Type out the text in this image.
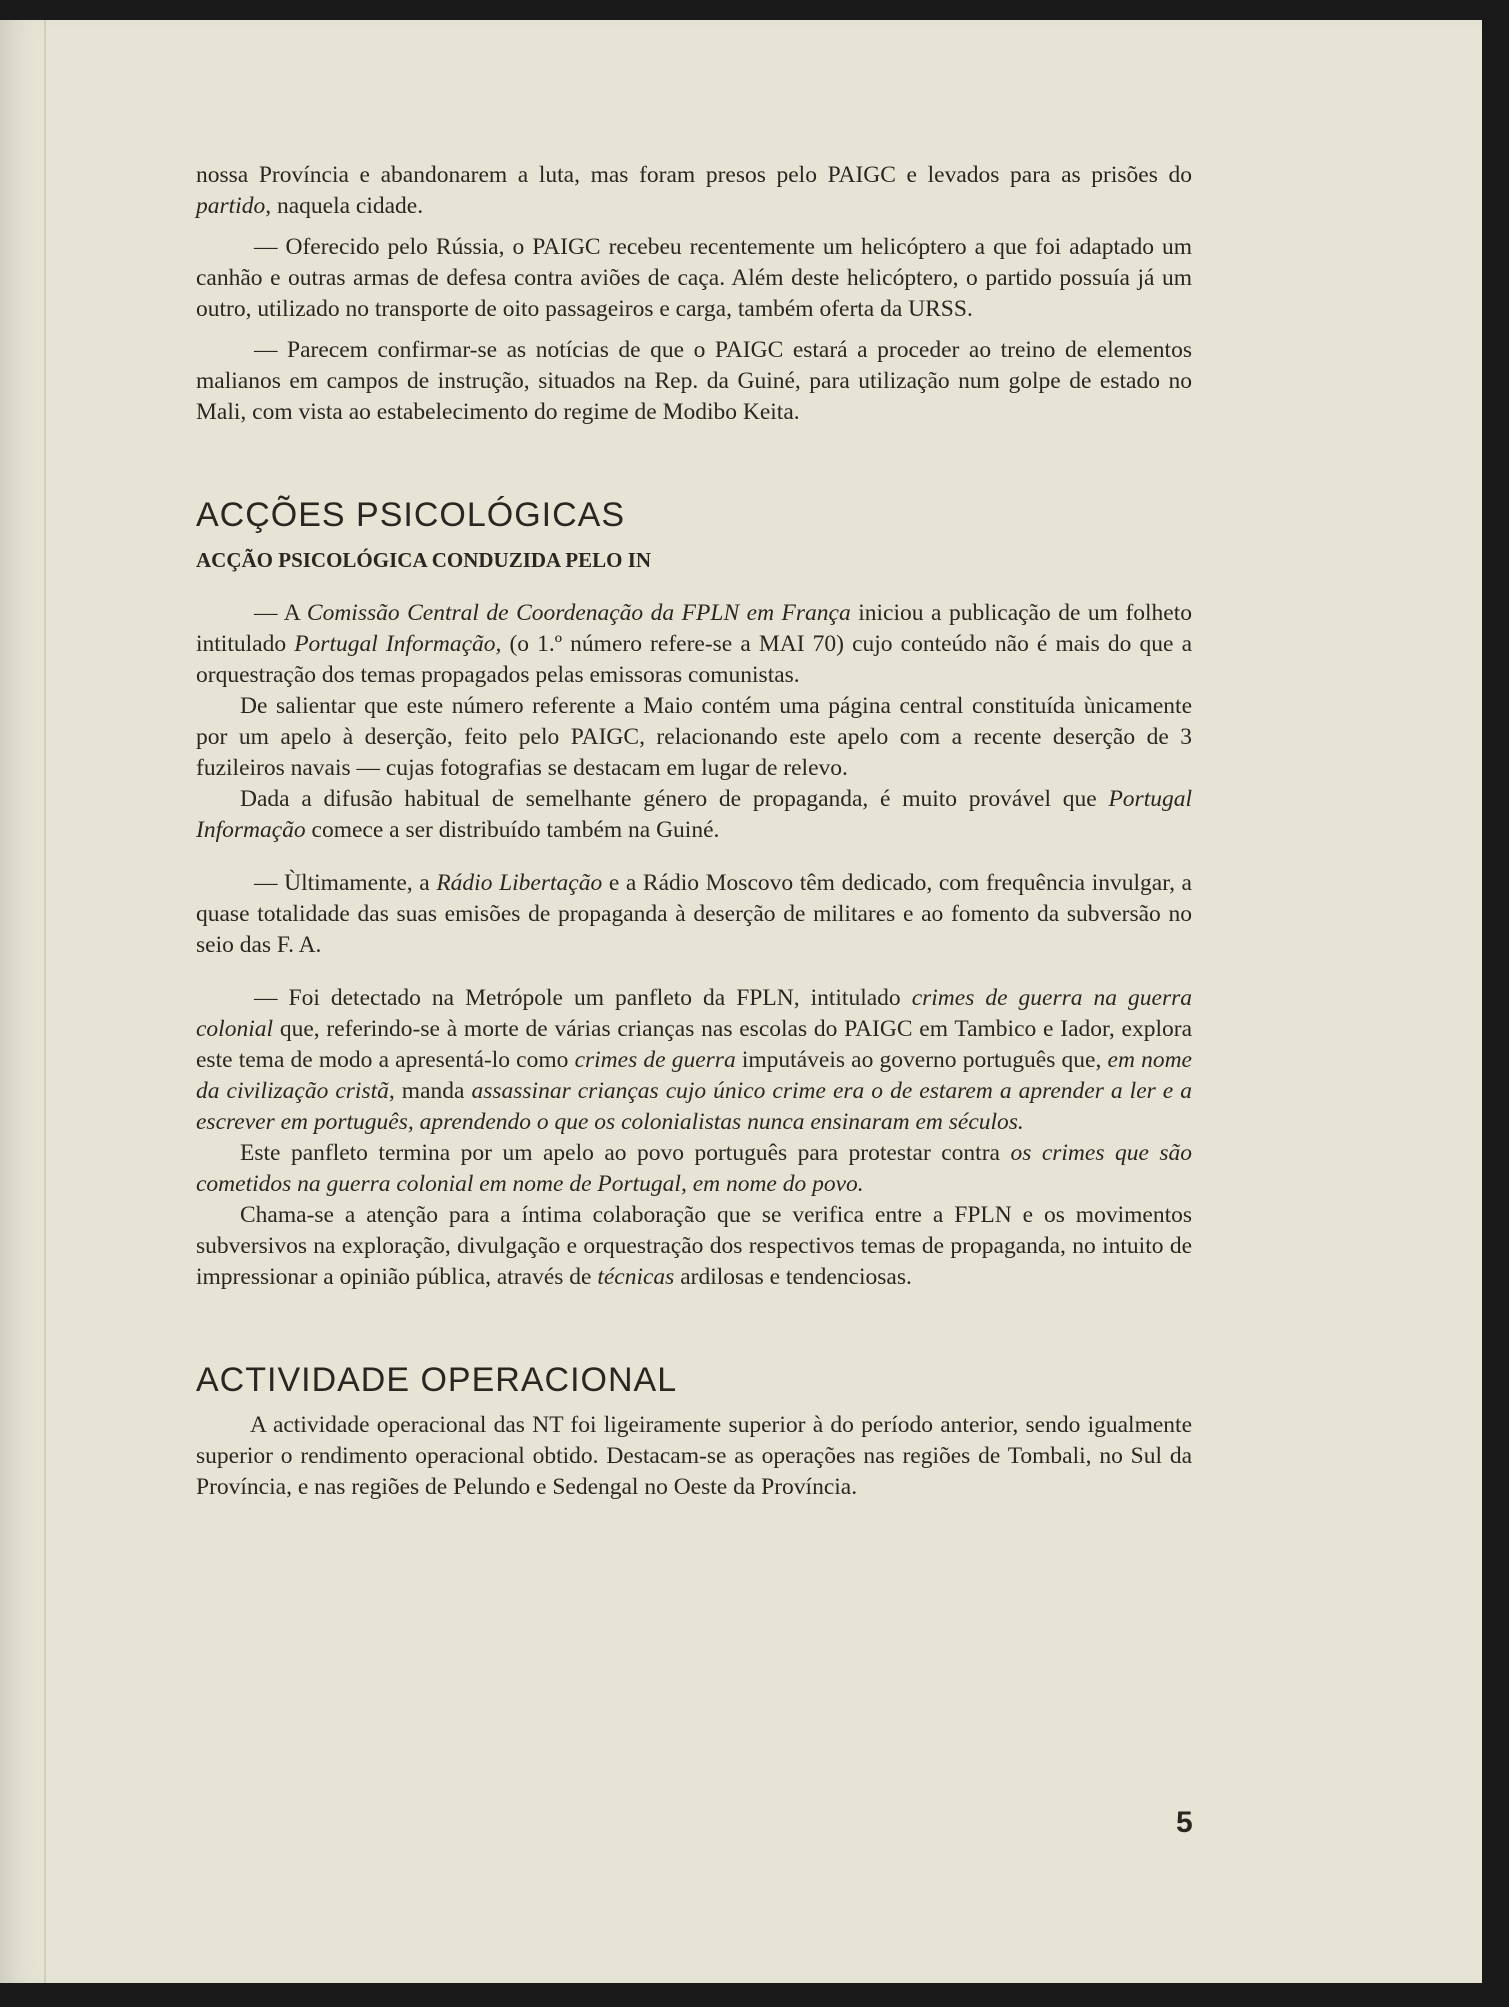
nossa Província e abandonarem a luta, mas foram presos pelo PAIGC e levados para as prisões do partido, naquela cidade.

— Oferecido pelo Rússia, o PAIGC recebeu recentemente um helicóptero a que foi adaptado um canhão e outras armas de defesa contra aviões de caça. Além deste helicóptero, o partido possuía já um outro, utilizado no transporte de oito passageiros e carga, também oferta da URSS.

— Parecem confirmar-se as notícias de que o PAIGC estará a proceder ao treino de elementos malianos em campos de instrução, situados na Rep. da Guiné, para utilização num golpe de estado no Mali, com vista ao estabelecimento do regime de Modibo Keita.

ACÇÕES PSICOLÓGICAS
ACÇÃO PSICOLÓGICA CONDUZIDA PELO IN

— A Comissão Central de Coordenação da FPLN em França iniciou a publicação de um folheto intitulado Portugal Informação, (o 1.º número refere-se a MAI 70) cujo conteúdo não é mais do que a orquestração dos temas propagados pelas emissoras comunistas.

De salientar que este número referente a Maio contém uma página central constituída ùnicamente por um apelo à deserção, feito pelo PAIGC, relacionando este apelo com a recente deserção de 3 fuzileiros navais — cujas fotografias se destacam em lugar de relevo.

Dada a difusão habitual de semelhante género de propaganda, é muito provável que Portugal Informação comece a ser distribuído também na Guiné.

— Ùltimamente, a Rádio Libertação e a Rádio Moscovo têm dedicado, com frequência invulgar, a quase totalidade das suas emisões de propaganda à deserção de militares e ao fomento da subversão no seio das F. A.

— Foi detectado na Metrópole um panfleto da FPLN, intitulado crimes de guerra na guerra colonial que, referindo-se à morte de várias crianças nas escolas do PAIGC em Tambico e Iador, explora este tema de modo a apresentá-lo como crimes de guerra imputáveis ao governo português que, em nome da civilização cristã, manda assassinar crianças cujo único crime era o de estarem a aprender a ler e a escrever em português, aprendendo o que os colonialistas nunca ensinaram em séculos.

Este panfleto termina por um apelo ao povo português para protestar contra os crimes que são cometidos na guerra colonial em nome de Portugal, em nome do povo.

Chama-se a atenção para a íntima colaboração que se verifica entre a FPLN e os movimentos subversivos na exploração, divulgação e orquestração dos respectivos temas de propaganda, no intuito de impressionar a opinião pública, através de técnicas ardilosas e tendenciosas.

ACTIVIDADE OPERACIONAL

A actividade operacional das NT foi ligeiramente superior à do período anterior, sendo igualmente superior o rendimento operacional obtido. Destacam-se as operações nas regiões de Tombali, no Sul da Província, e nas regiões de Pelundo e Sedengal no Oeste da Província.

5
